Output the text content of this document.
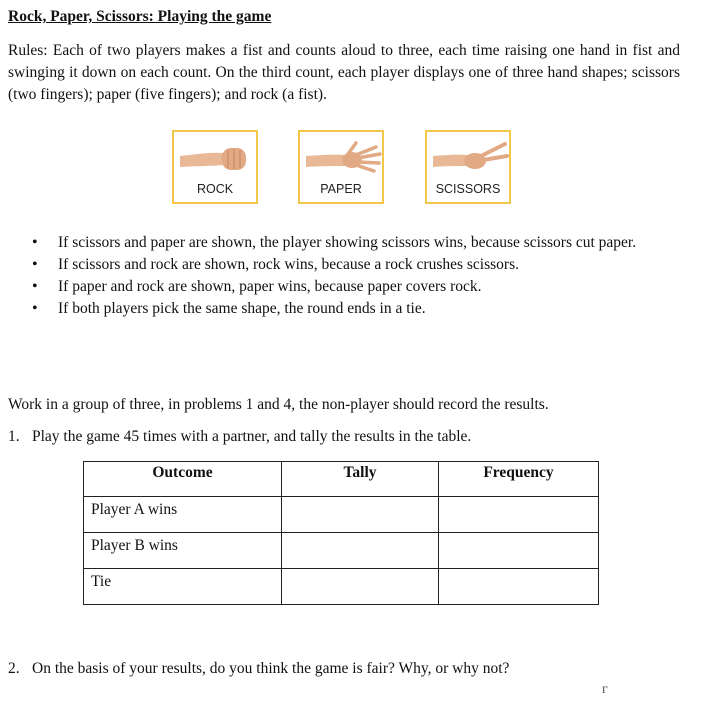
Rock, Paper, Scissors: Playing the game
Rules: Each of two players makes a fist and counts aloud to three, each time raising one hand in fist and swinging it down on each count. On the third count, each player displays one of three hand shapes; scissors (two fingers); paper (five fingers); and rock (a fist).
ROCK	PAPER	SCISSORS
• If scissors and paper are shown, the player showing scissors wins, because scissors cut paper.
• If scissors and rock are shown, rock wins, because a rock crushes scissors.
• If paper and rock are shown, paper wins, because paper covers rock.
• If both players pick the same shape, the round ends in a tie.
Work in a group of three, in problems 1 and 4, the non-player should record the results.
1. Play the game 45 times with a partner, and tally the results in the table.
Outcome	Tally	Frequency
Player A wins		
Player B wins		
Tie		
2. On the basis of your results, do you think the game is fair? Why, or why not?
г
